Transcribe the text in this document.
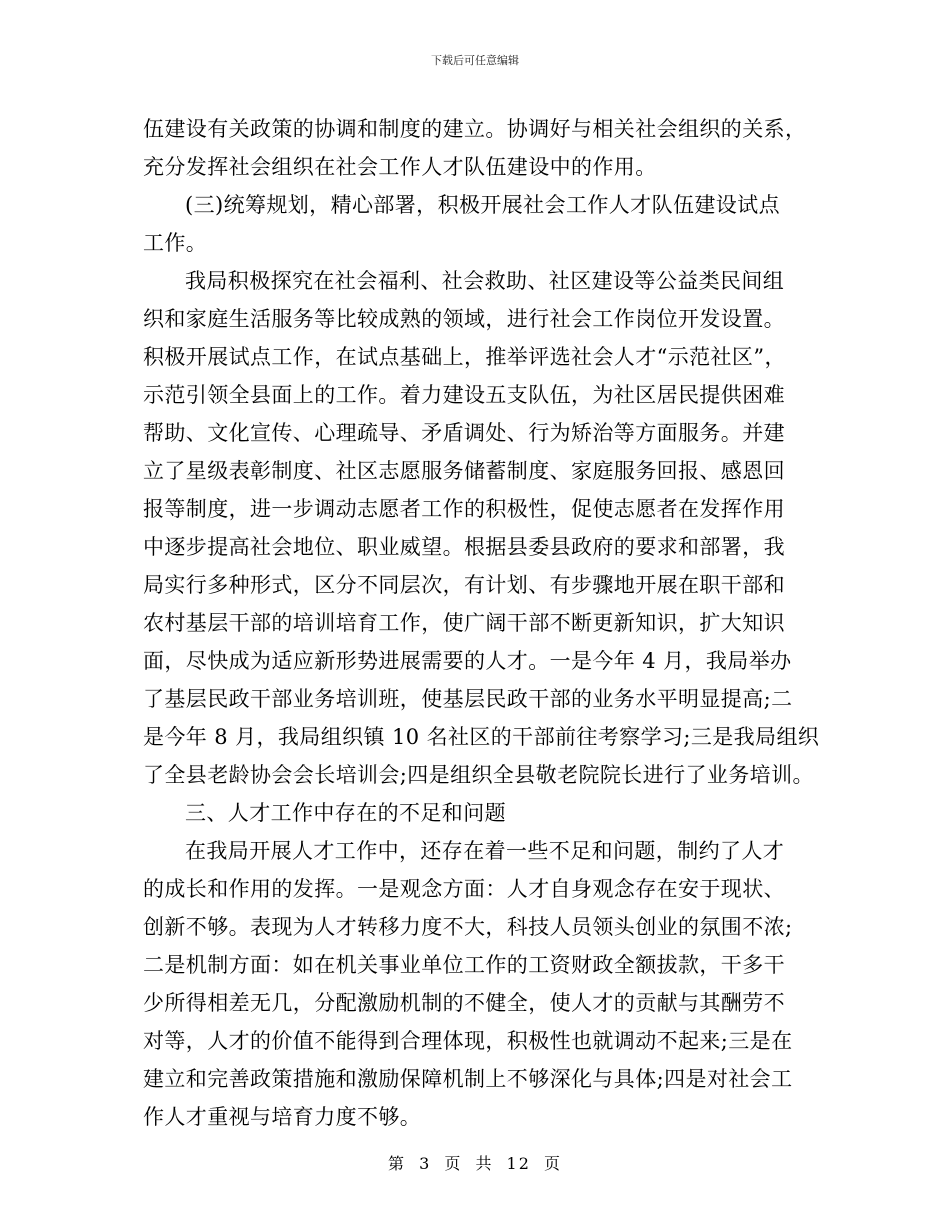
下载后可任意编辑
伍建设有关政策的协调和制度的建立。协调好与相关社会组织的关系，
充分发挥社会组织在社会工作人才队伍建设中的作用。
(三)统筹规划，精心部署，积极开展社会工作人才队伍建设试点
工作。
我局积极探究在社会福利、社会救助、社区建设等公益类民间组
织和家庭生活服务等比较成熟的领域，进行社会工作岗位开发设置。
积极开展试点工作，在试点基础上，推举评选社会人才“示范社区”，
示范引领全县面上的工作。着力建设五支队伍，为社区居民提供困难
帮助、文化宣传、心理疏导、矛盾调处、行为矫治等方面服务。并建
立了星级表彰制度、社区志愿服务储蓄制度、家庭服务回报、感恩回
报等制度，进一步调动志愿者工作的积极性，促使志愿者在发挥作用
中逐步提高社会地位、职业威望。根据县委县政府的要求和部署，我
局实行多种形式，区分不同层次，有计划、有步骤地开展在职干部和
农村基层干部的培训培育工作，使广阔干部不断更新知识，扩大知识
面，尽快成为适应新形势进展需要的人才。一是今年 4 月，我局举办
了基层民政干部业务培训班，使基层民政干部的业务水平明显提高;二
是今年 8 月，我局组织镇 10 名社区的干部前往考察学习;三是我局组织
了全县老龄协会会长培训会;四是组织全县敬老院院长进行了业务培训。
三、人才工作中存在的不足和问题
在我局开展人才工作中，还存在着一些不足和问题，制约了人才
的成长和作用的发挥。一是观念方面：人才自身观念存在安于现状、
创新不够。表现为人才转移力度不大，科技人员领头创业的氛围不浓;
二是机制方面：如在机关事业单位工作的工资财政全额拔款，干多干
少所得相差无几，分配激励机制的不健全，使人才的贡献与其酬劳不
对等，人才的价值不能得到合理体现，积极性也就调动不起来;三是在
建立和完善政策措施和激励保障机制上不够深化与具体;四是对社会工
作人才重视与培育力度不够。
第 3 页 共 12 页
